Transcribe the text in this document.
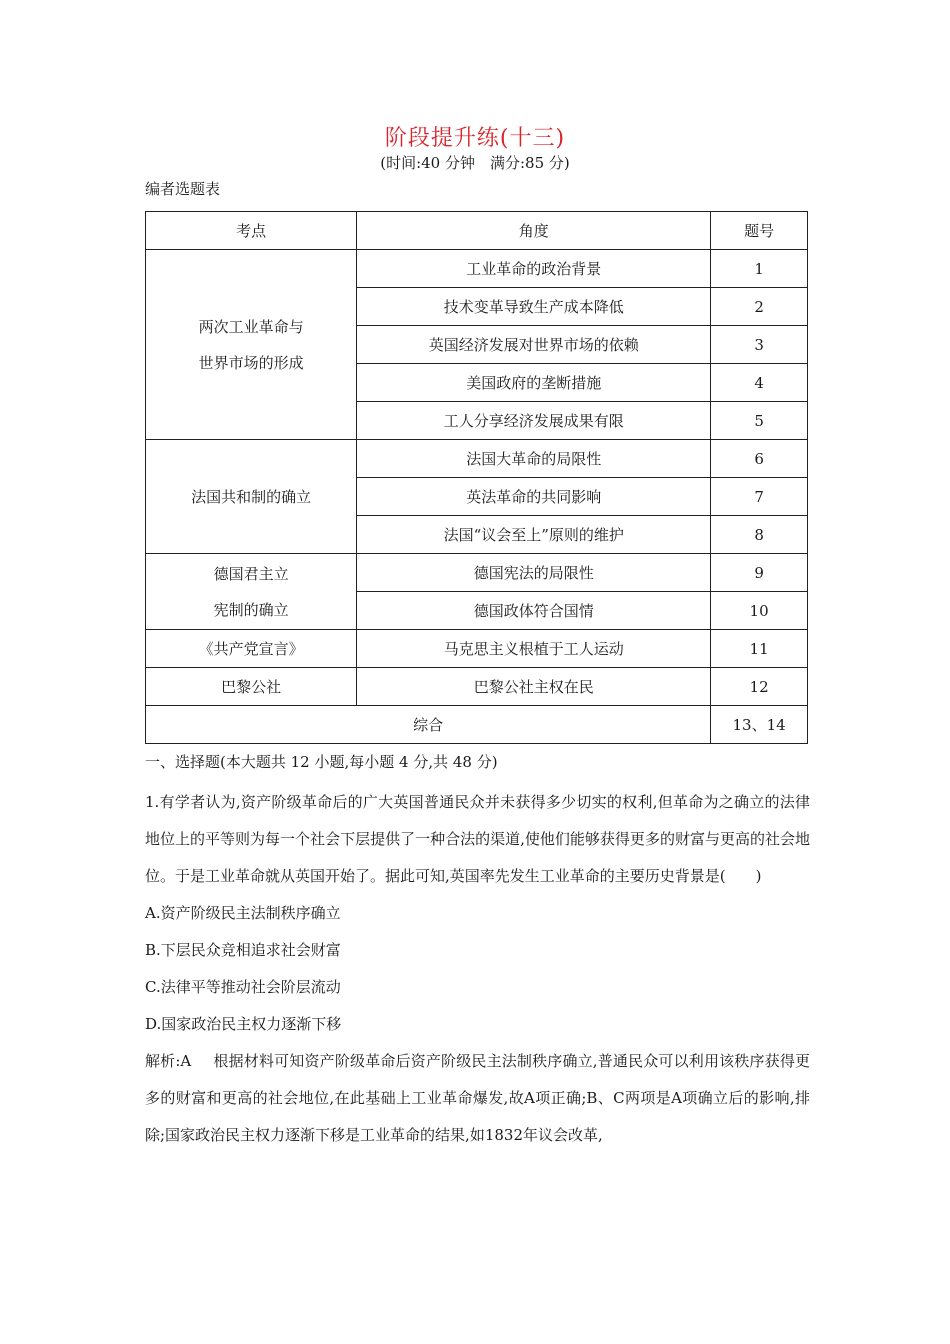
阶段提升练(十三)
(时间:40 分钟　满分:85 分)
编者选题表
考点	角度	题号

两次工业革命与
世界市场的形成	工业革命的政治背景	1
	技术变革导致生产成本降低	2
	英国经济发展对世界市场的依赖	3
	美国政府的垄断措施	4
	工人分享经济发展成果有限	5
法国共和制的确立	法国大革命的局限性	6
	英法革命的共同影响	7
	法国“议会至上”原则的维护	8

德国君主立
宪制的确立	德国宪法的局限性	9
	德国政体符合国情	10
《共产党宣言》	马克思主义根植于工人运动	11
巴黎公社	巴黎公社主权在民	12
综合		13、14

一、选择题(本大题共 12 小题,每小题 4 分,共 48 分)

1.有学者认为,资产阶级革命后的广大英国普通民众并未获得多少切实的权利,但革命为之确立的法律地位上的平等则为每一个社会下层提供了一种合法的渠道,使他们能够获得更多的财富与更高的社会地位。于是工业革命就从英国开始了。据此可知,英国率先发生工业革命的主要历史背景是(　　)
A.资产阶级民主法制秩序确立
B.下层民众竞相追求社会财富
C.法律平等推动社会阶层流动
D.国家政治民主权力逐渐下移
解析:A 根据材料可知资产阶级革命后资产阶级民主法制秩序确立,普通民众可以利用该秩序获得更多的财富和更高的社会地位,在此基础上工业革命爆发,故A项正确;B、C两项是A项确立后的影响,排除;国家政治民主权力逐渐下移是工业革命的结果,如1832年议会改革,
